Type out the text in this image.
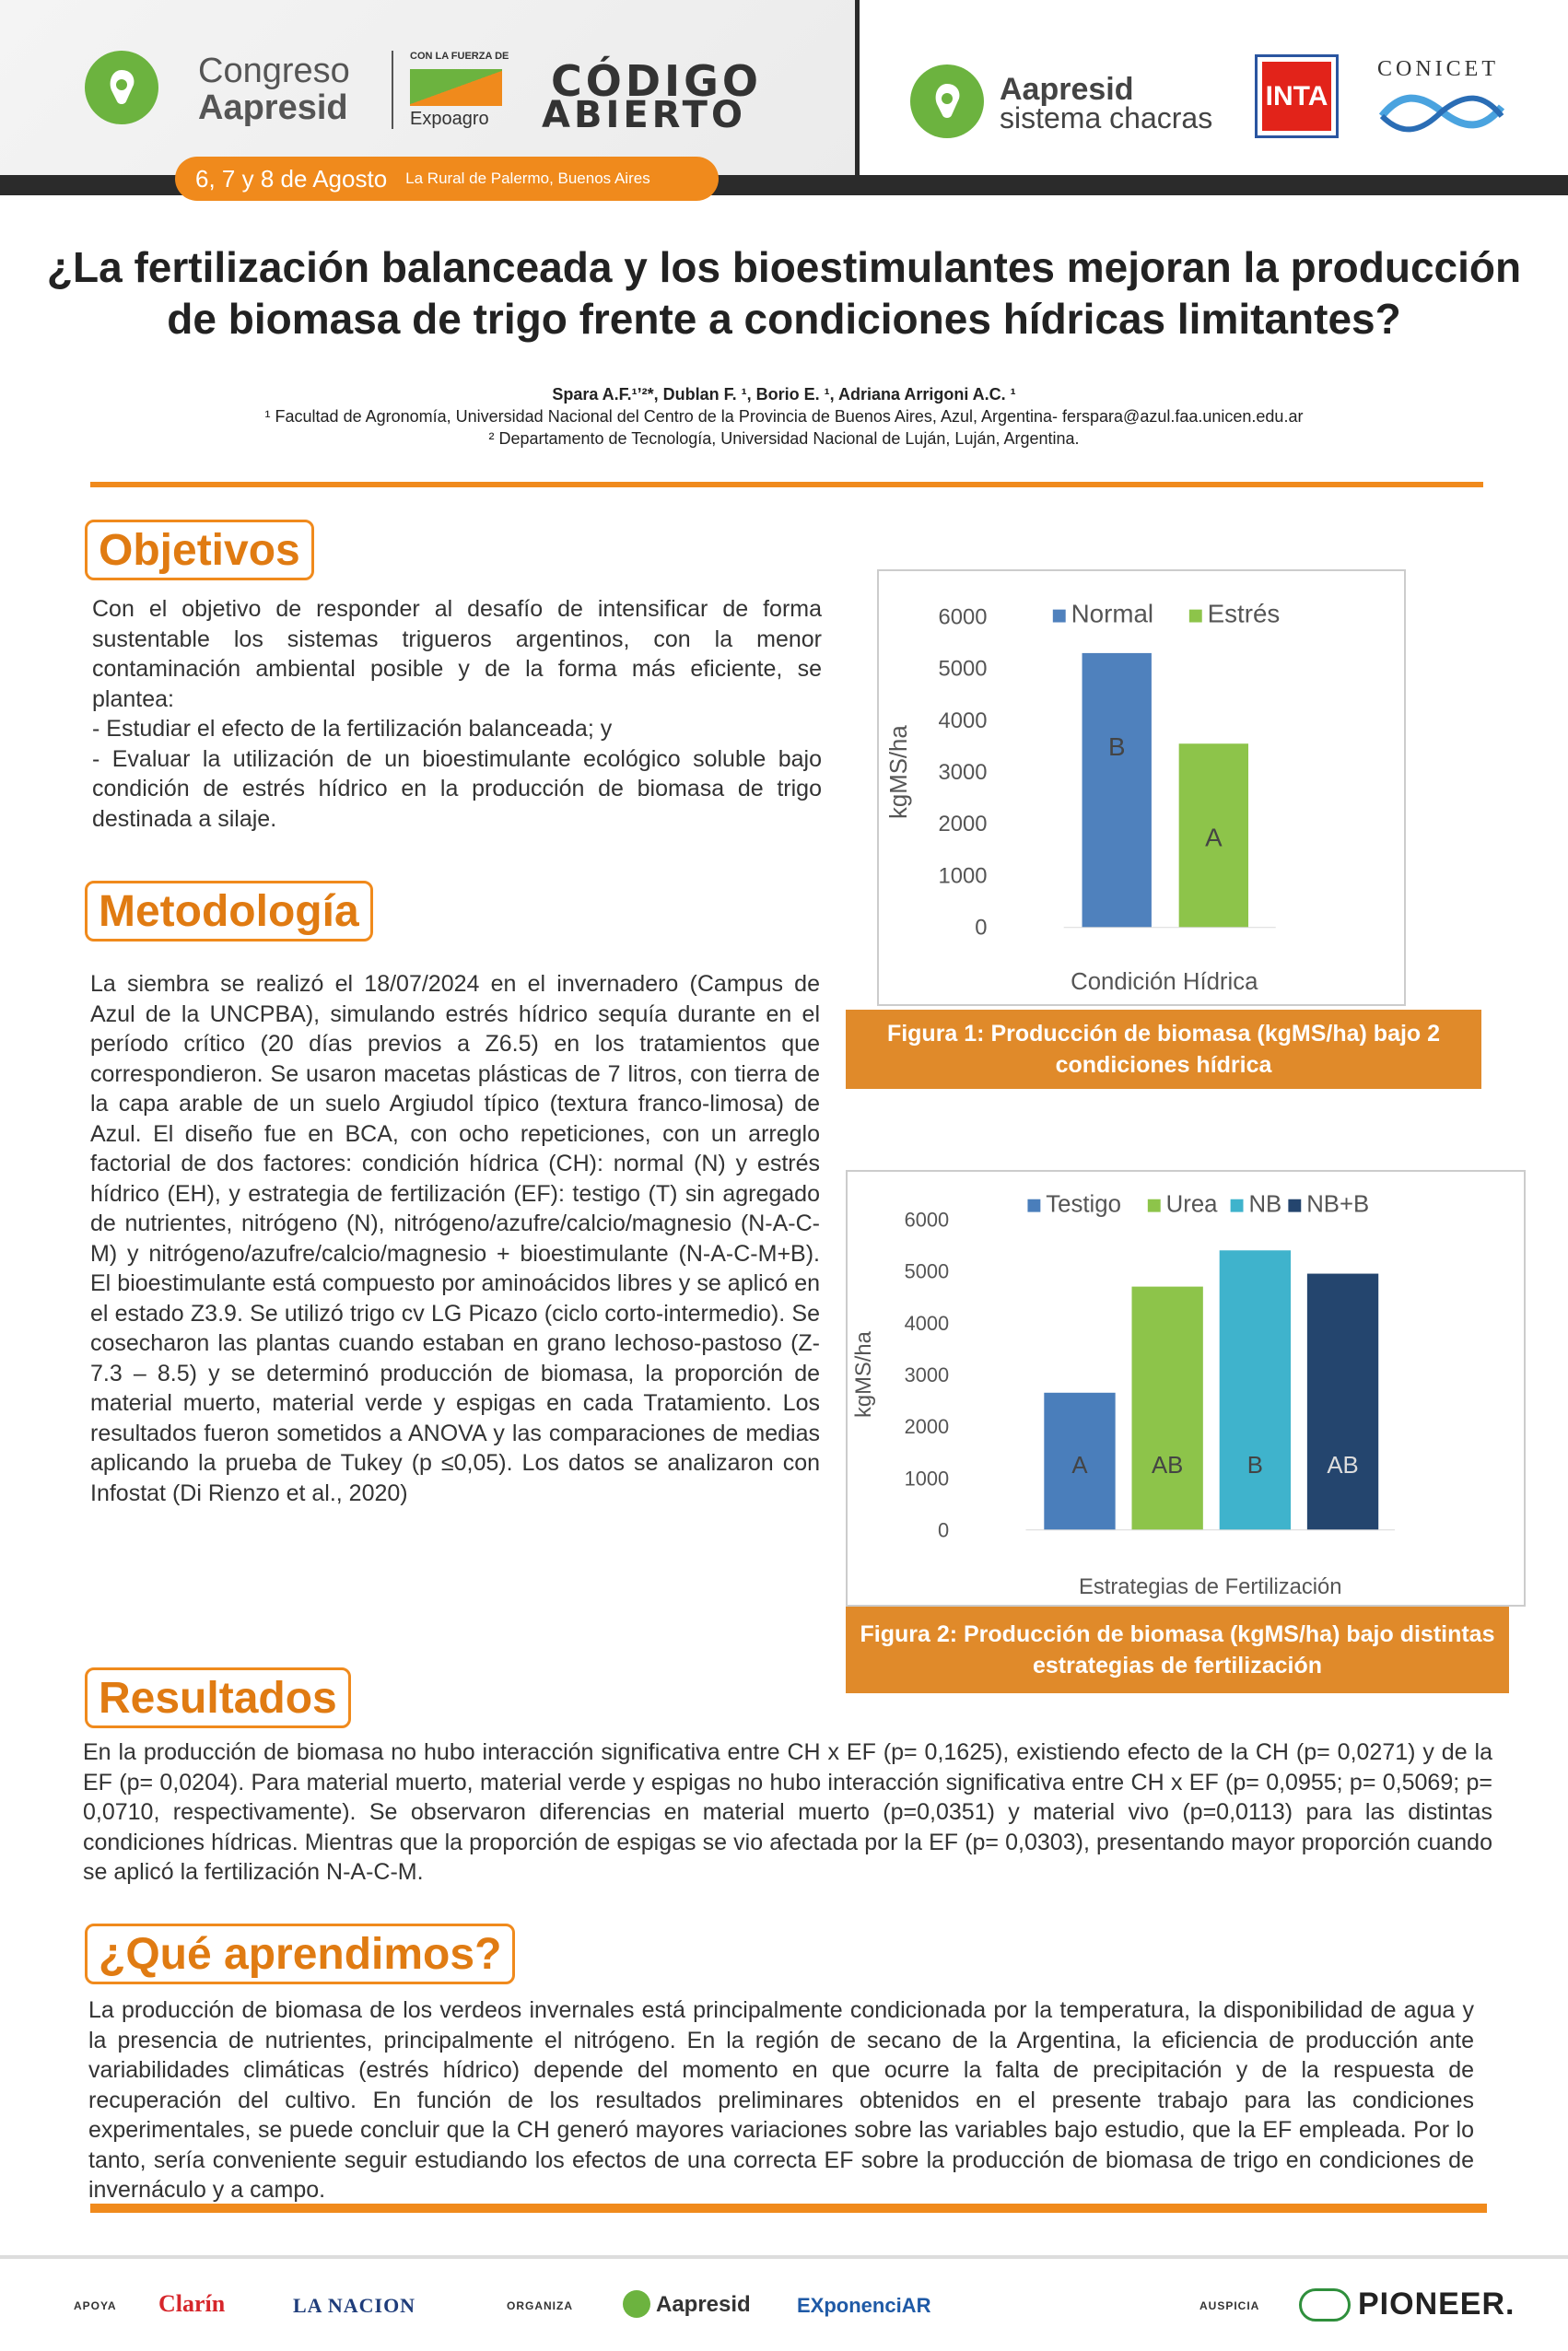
Congreso
Aapresid
CON LA FUERZA DE
Expoagro
CÓDIGO
ABIERTO
6, 7 y 8 de Agosto La Rural de Palermo, Buenos Aires
Aapresid
sistema chacras
INTA
CONICET
¿La fertilización balanceada y los bioestimulantes mejoran la producción
de biomasa de trigo frente a condiciones hídricas limitantes?
Spara A.F.¹ʼ²*, Dublan F. ¹, Borio E. ¹, Adriana Arrigoni A.C. ¹
¹ Facultad de Agronomía, Universidad Nacional del Centro de la Provincia de Buenos Aires, Azul, Argentina- ferspara@azul.faa.unicen.edu.ar
² Departamento de Tecnología, Universidad Nacional de Luján, Luján, Argentina.
Objetivos
Con el objetivo de responder al desafío de intensificar de forma sustentable los sistemas trigueros argentinos, con la menor contaminación ambiental posible y de la forma más eficiente, se plantea:
- Estudiar el efecto de la fertilización balanceada; y
- Evaluar la utilización de un bioestimulante ecológico soluble bajo condición de estrés hídrico en la producción de biomasa de trigo destinada a silaje.
Metodología
La siembra se realizó el 18/07/2024 en el invernadero (Campus de Azul de la UNCPBA), simulando estrés hídrico sequía durante en el período crítico (20 días previos a Z6.5) en los tratamientos que correspondieron. Se usaron macetas plásticas de 7 litros, con tierra de la capa arable de un suelo Argiudol típico (textura franco-limosa) de Azul. El diseño fue en BCA, con ocho repeticiones, con un arreglo factorial de dos factores: condición hídrica (CH): normal (N) y estrés hídrico (EH), y estrategia de fertilización (EF): testigo (T) sin agregado de nutrientes, nitrógeno (N), nitrógeno/azufre/calcio/magnesio (N-A-C-M) y nitrógeno/azufre/calcio/magnesio + bioestimulante (N-A-C-M+B). El bioestimulante está compuesto por aminoácidos libres y se aplicó en el estado Z3.9. Se utilizó trigo cv LG Picazo (ciclo corto-intermedio). Se cosecharon las plantas cuando estaban en grano lechoso-pastoso (Z-7.3 – 8.5) y se determinó producción de biomasa, la proporción de material muerto, material verde y espigas en cada Tratamiento. Los resultados fueron sometidos a ANOVA y las comparaciones de medias aplicando la prueba de Tukey (p ≤0,05). Los datos se analizaron con Infostat (Di Rienzo et al., 2020)
kgMS/ha
0
1000
2000
3000
4000
5000
6000	Normal Estrés
B
A
Condición Hídrica
Figura 1: Producción de biomasa (kgMS/ha) bajo 2 condiciones hídrica
kgMS/ha
0
1000
2000
3000
4000
5000
6000
Testigo Urea NB NB+B
A	AB	B	AB
Estrategias de Fertilización
Figura 2: Producción de biomasa (kgMS/ha) bajo distintas estrategias de fertilización
Resultados
En la producción de biomasa no hubo interacción significativa entre CH x EF (p= 0,1625), existiendo efecto de la CH (p= 0,0271) y de la EF (p= 0,0204). Para material muerto, material verde y espigas no hubo interacción significativa entre CH x EF (p= 0,0955; p= 0,5069; p= 0,0710, respectivamente). Se observaron diferencias en material muerto (p=0,0351) y material vivo (p=0,0113) para las distintas condiciones hídricas. Mientras que la proporción de espigas se vio afectada por la EF (p= 0,0303), presentando mayor proporción cuando se aplicó la fertilización N-A-C-M.
¿Qué aprendimos?
La producción de biomasa de los verdeos invernales está principalmente condicionada por la temperatura, la disponibilidad de agua y la presencia de nutrientes, principalmente el nitrógeno. En la región de secano de la Argentina, la eficiencia de producción ante variabilidades climáticas (estrés hídrico) depende del momento en que ocurre la falta de precipitación y de la respuesta de recuperación del cultivo. En función de los resultados preliminares obtenidos en el presente trabajo para las condiciones experimentales, se puede concluir que la CH generó mayores variaciones sobre las variables bajo estudio, que la EF empleada. Por lo tanto, sería conveniente seguir estudiando los efectos de una correcta EF sobre la producción de biomasa de trigo en condiciones de invernáculo y a campo.
APOYA Clarín	LA NACION	ORGANIZA	Aapresid EXponenciAR	AUSPICIA	PIONEER.
